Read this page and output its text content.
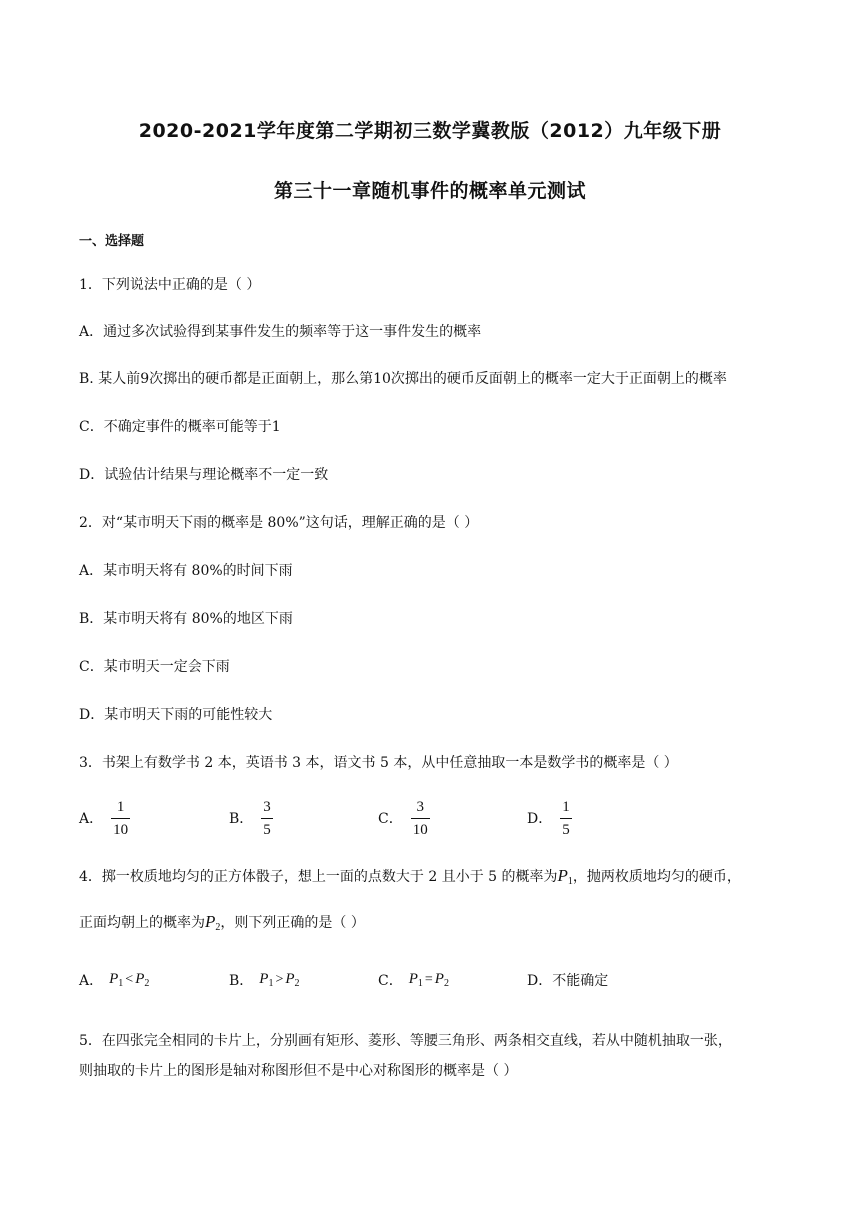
2020-2021学年度第二学期初三数学冀教版（2012）九年级下册
第三十一章随机事件的概率单元测试
一、选择题
1．下列说法中正确的是（ ）
A．通过多次试验得到某事件发生的频率等于这一事件发生的概率
B. 某人前9次掷出的硬币都是正面朝上，那么第10次掷出的硬币反面朝上的概率一定大于正面朝上的概率
C．不确定事件的概率可能等于1
D．试验估计结果与理论概率不一定一致
2．对“某市明天下雨的概率是 80%”这句话，理解正确的是（ ）
A．某市明天将有 80%的时间下雨
B．某市明天将有 80%的地区下雨
C．某市明天一定会下雨
D．某市明天下雨的可能性较大
3．书架上有数学书 2 本，英语书 3 本，语文书 5 本，从中任意抽取一本是数学书的概率是（ ）
A． $\frac{1}{10}$	B． $\frac{3}{5}$	C． $\frac{3}{10}$	D． $\frac{1}{5}$
4．掷一枚质地均匀的正方体骰子，想上一面的点数大于 2 且小于 5 的概率为$P_1$，抛两枚质地均匀的硬币，
正面均朝上的概率为$P_2$，则下列正确的是（ ）
A． $P_1 < P_2$	B． $P_1 > P_2$	C． $P_1 = P_2$	D． 不能确定
5．在四张完全相同的卡片上，分别画有矩形、菱形、等腰三角形、两条相交直线，若从中随机抽取一张，
则抽取的卡片上的图形是轴对称图形但不是中心对称图形的概率是（ ）
